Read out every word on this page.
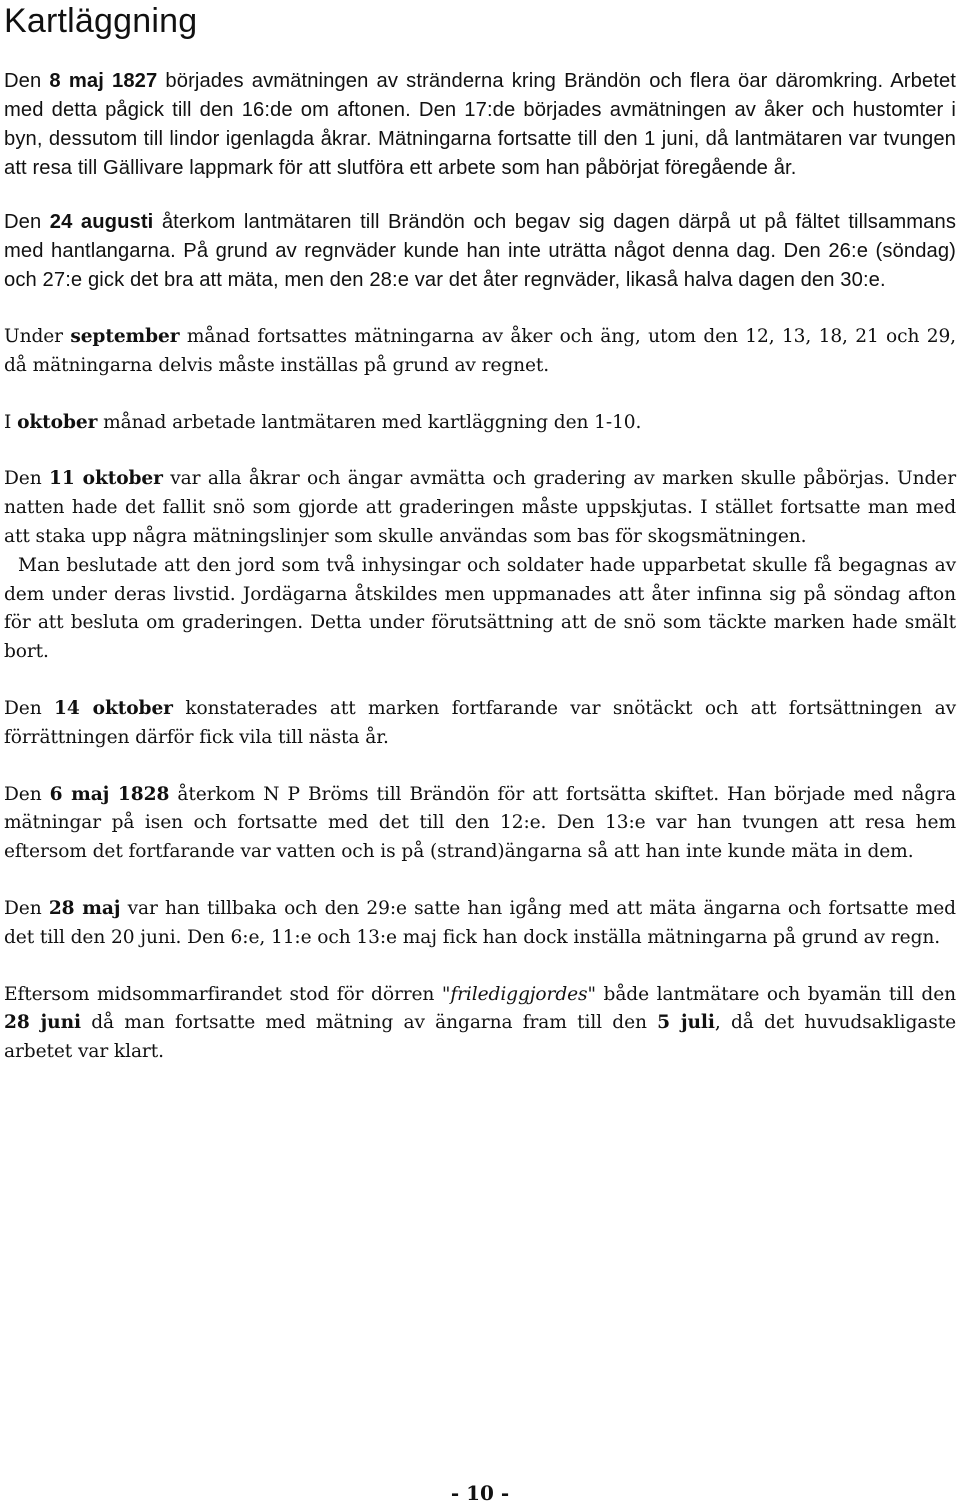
Kartläggning

Den 8 maj 1827 börjades avmätningen av stränderna kring Brändön och flera öar däromkring. Arbetet med detta pågick till den 16:de om aftonen. Den 17:de börjades avmätningen av åker och hustomter i byn, dessutom till lindor igenlagda åkrar. Mätningarna fortsatte till den 1 juni, då lantmätaren var tvungen att resa till Gällivare lappmark för att slutföra ett arbete som han påbörjat föregående år.

Den 24 augusti återkom lantmätaren till Brändön och begav sig dagen därpå ut på fältet tillsammans med hantlangarna. På grund av regnväder kunde han inte uträtta något denna dag. Den 26:e (söndag) och 27:e gick det bra att mäta, men den 28:e var det åter regnväder, likaså halva dagen den 30:e.

Under september månad fortsattes mätningarna av åker och äng, utom den 12, 13, 18, 21 och 29, då mätningarna delvis måste inställas på grund av regnet.

I oktober månad arbetade lantmätaren med kartläggning den 1-10.

Den 11 oktober var alla åkrar och ängar avmätta och gradering av marken skulle påbörjas. Under natten hade det fallit snö som gjorde att graderingen måste uppskjutas. I stället fortsatte man med att staka upp några mätningslinjer som skulle användas som bas för skogsmätningen.

Man beslutade att den jord som två inhysingar och soldater hade upparbetat skulle få begagnas av dem under deras livstid. Jordägarna åtskildes men uppmanades att åter infinna sig på söndag afton för att besluta om graderingen. Detta under förutsättning att de snö som täckte marken hade smält bort.

Den 14 oktober konstaterades att marken fortfarande var snötäckt och att fortsättningen av förrättningen därför fick vila till nästa år.

Den 6 maj 1828 återkom N P Bröms till Brändön för att fortsätta skiftet. Han började med några mätningar på isen och fortsatte med det till den 12:e. Den 13:e var han tvungen att resa hem eftersom det fortfarande var vatten och is på (strand)ängarna så att han inte kunde mäta in dem.

Den 28 maj var han tillbaka och den 29:e satte han igång med att mäta ängarna och fortsatte med det till den 20 juni. Den 6:e, 11:e och 13:e maj fick han dock inställa mätningarna på grund av regn.

Eftersom midsommarfirandet stod för dörren "frilediggjordes" både lantmätare och byamän till den 28 juni då man fortsatte med mätning av ängarna fram till den 5 juli, då det huvudsakligaste arbetet var klart.

- 10 -
